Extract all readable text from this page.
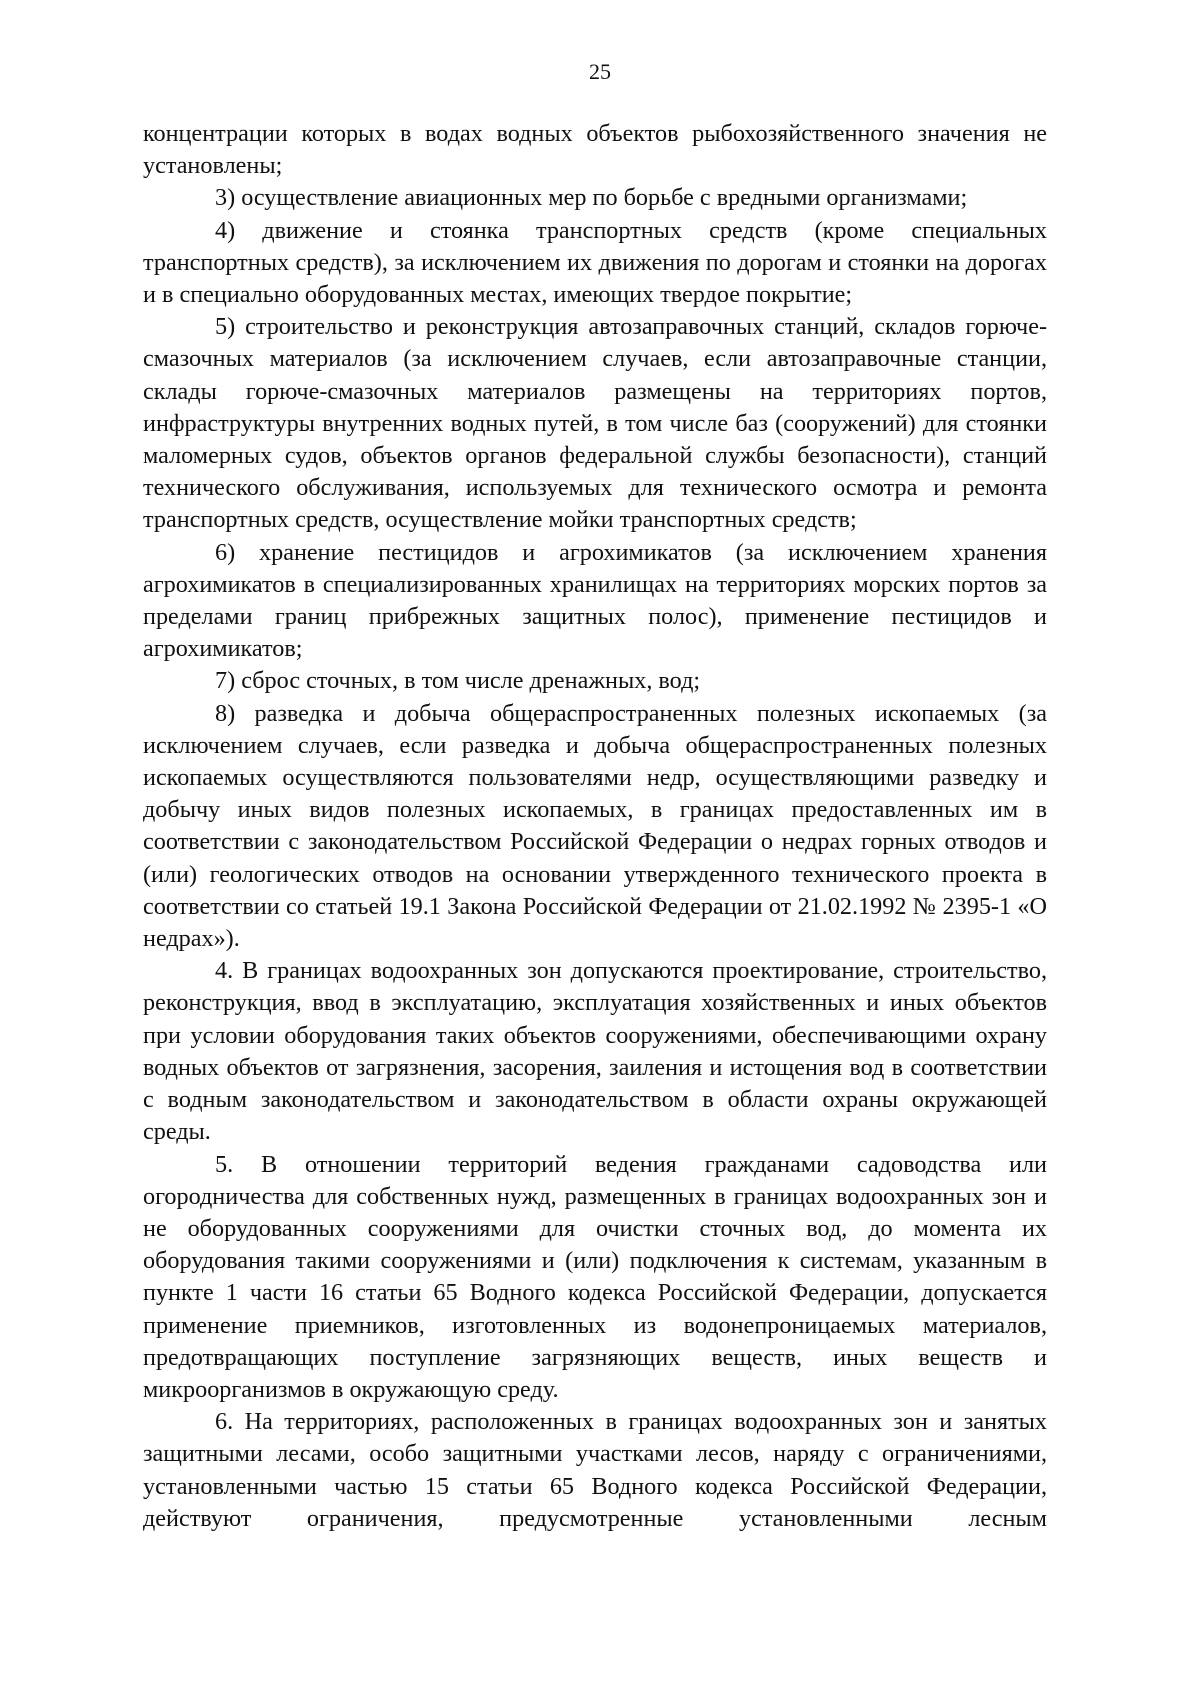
25

концентрации которых в водах водных объектов рыбохозяйственного значения не установлены;

3) осуществление авиационных мер по борьбе с вредными организмами;

4) движение и стоянка транспортных средств (кроме специальных транспортных средств), за исключением их движения по дорогам и стоянки на дорогах и в специально оборудованных местах, имеющих твердое покрытие;

5) строительство и реконструкция автозаправочных станций, складов горюче-смазочных материалов (за исключением случаев, если автозаправочные станции, склады горюче-смазочных материалов размещены на территориях портов, инфраструктуры внутренних водных путей, в том числе баз (сооружений) для стоянки маломерных судов, объектов органов федеральной службы безопасности), станций технического обслуживания, используемых для технического осмотра и ремонта транспортных средств, осуществление мойки транспортных средств;

6) хранение пестицидов и агрохимикатов (за исключением хранения агрохимикатов в специализированных хранилищах на территориях морских портов за пределами границ прибрежных защитных полос), применение пестицидов и агрохимикатов;

7) сброс сточных, в том числе дренажных, вод;

8) разведка и добыча общераспространенных полезных ископаемых (за исключением случаев, если разведка и добыча общераспространенных полезных ископаемых осуществляются пользователями недр, осуществляющими разведку и добычу иных видов полезных ископаемых, в границах предоставленных им в соответствии с законодательством Российской Федерации о недрах горных отводов и (или) геологических отводов на основании утвержденного технического проекта в соответствии со статьей 19.1 Закона Российской Федерации от 21.02.1992 № 2395-1 «О недрах»).

4. В границах водоохранных зон допускаются проектирование, строительство, реконструкция, ввод в эксплуатацию, эксплуатация хозяйственных и иных объектов при условии оборудования таких объектов сооружениями, обеспечивающими охрану водных объектов от загрязнения, засорения, заиления и истощения вод в соответствии с водным законодательством и законодательством в области охраны окружающей среды.

5. В отношении территорий ведения гражданами садоводства или огородничества для собственных нужд, размещенных в границах водоохранных зон и не оборудованных сооружениями для очистки сточных вод, до момента их оборудования такими сооружениями и (или) подключения к системам, указанным в пункте 1 части 16 статьи 65 Водного кодекса Российской Федерации, допускается применение приемников, изготовленных из водонепроницаемых материалов, предотвращающих поступление загрязняющих веществ, иных веществ и микроорганизмов в окружающую среду.

6. На территориях, расположенных в границах водоохранных зон и занятых защитными лесами, особо защитными участками лесов, наряду с ограничениями, установленными частью 15 статьи 65 Водного кодекса Российской Федерации, действуют ограничения, предусмотренные установленными лесным
